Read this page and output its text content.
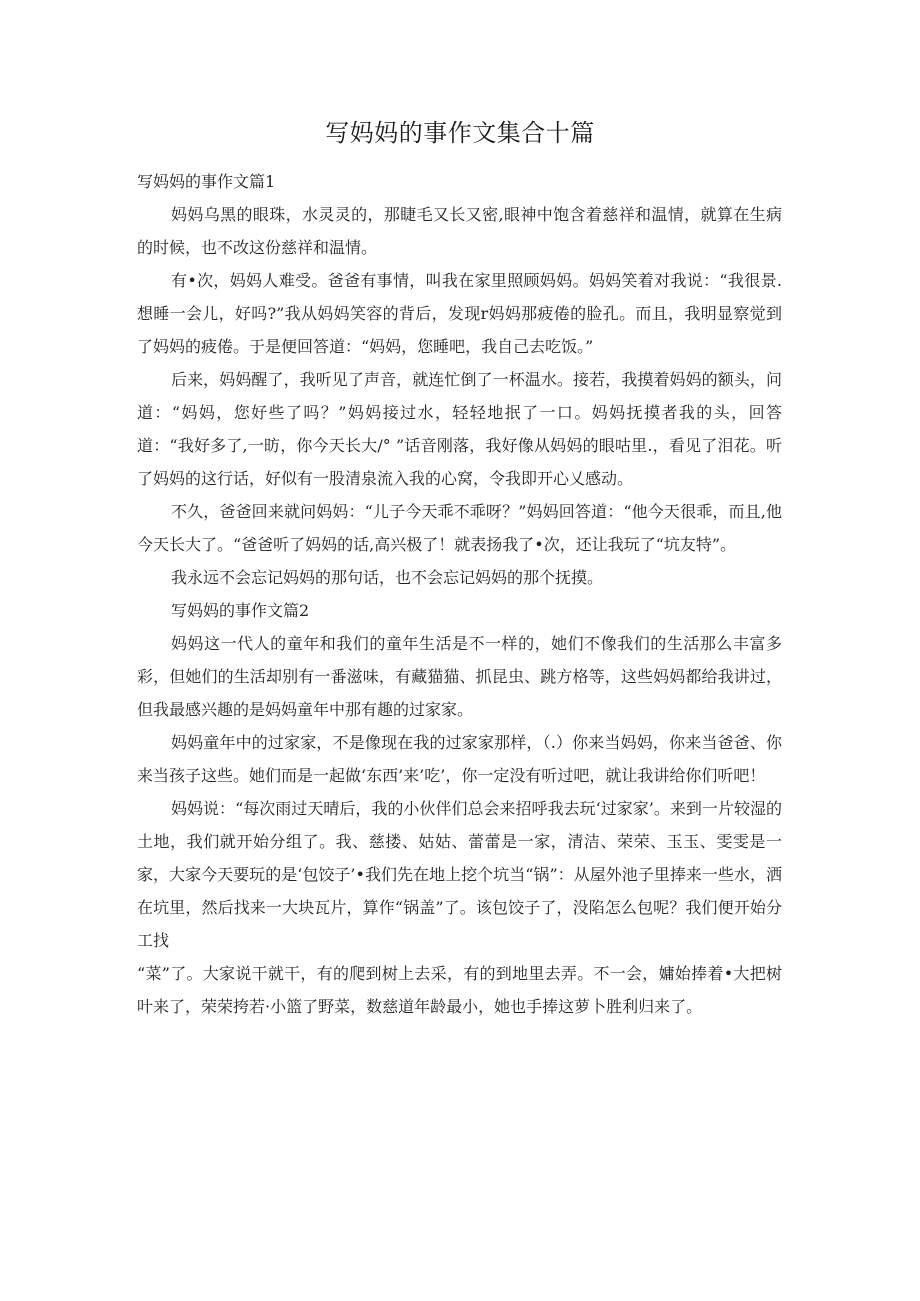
写妈妈的事作文集合十篇

写妈妈的事作文篇1

妈妈乌黑的眼珠，水灵灵的，那睫毛又长又密,眼神中饱含着慈祥和温情，就算在生病的时候，也不改这份慈祥和温情。

有•次，妈妈人难受。爸爸有事情，叫我在家里照顾妈妈。妈妈笑着对我说：“我很景.想睡一会儿，好吗?”我从妈妈笑容的背后，发现r妈妈那疲倦的脸孔。而且，我明显察觉到了妈妈的疲倦。于是便回答道：“妈妈，您睡吧，我自己去吃饭。”

后来，妈妈醒了，我听见了声音，就连忙倒了一杯温水。接若，我摸着妈妈的额头，问道：“妈妈，您好些了吗？”妈妈接过水，轻轻地抿了一口。妈妈抚摸者我的头，回答道：“我好多了,一昉，你今天长大/° ”话音刚落，我好像从妈妈的眼咕里.，看见了泪花。听了妈妈的这行话，好似有一股清泉流入我的心窝，令我即开心乂感动。

不久，爸爸回来就问妈妈：“儿子今天乖不乖呀？”妈妈回答道：“他今天很乖，而且,他今天长大了。“爸爸听了妈妈的话,高兴极了！就表扬我了•次，还让我玩了“坑友特”。

我永远不会忘记妈妈的那句话，也不会忘记妈妈的那个抚摸。

写妈妈的事作文篇2

妈妈这一代人的童年和我们的童年生活是不一样的，她们不像我们的生活那么丰富多彩，但她们的生活却别有一番滋味，有藏猫猫、抓昆虫、跳方格等，这些妈妈都给我讲过，但我最感兴趣的是妈妈童年中那有趣的过家家。

妈妈童年中的过家家，不是像现在我的过家家那样，（.）你来当妈妈，你来当爸爸、你来当孩子这些。她们而是一起做‘东西’来’吃’，你一定没有听过吧，就让我讲给你们听吧！

妈妈说：“每次雨过天晴后，我的小伙伴们总会来招呼我去玩‘过家家’。来到一片较湿的土地，我们就开始分组了。我、慈搂、姑姑、蕾蕾是一家，清洁、荣荣、玉玉、雯雯是一家，大家今天要玩的是‘包饺子’•我们先在地上挖个坑当“锅”：从屋外池子里捧来一些水，洒在坑里，然后找来一大块瓦片，算作“锅盖”了。该包饺子了，没陷怎么包呢？我们便开始分工找

“菜”了。大家说干就干，有的爬到树上去采，有的到地里去弄。不一会，嫞始捧着•大把树叶来了，荣荣挎若·小篮了野菜，数慈道年龄最小，她也手捧这萝卜胜利归来了。
